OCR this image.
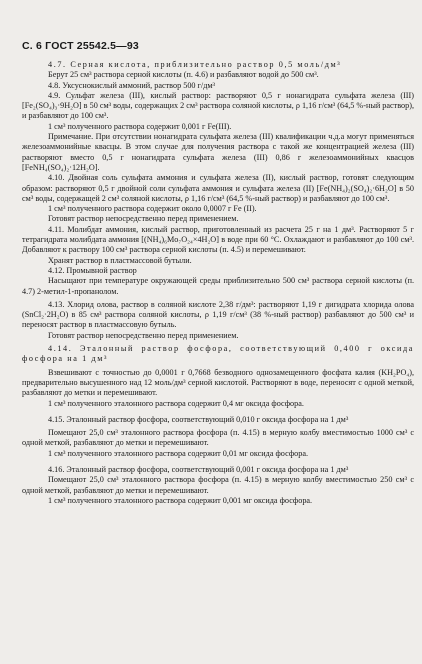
С. 6 ГОСТ 25542.5—93

4.7. Серная кислота, приблизительно раствор 0,5 моль/дм³

Берут 25 см³ раствора серной кислоты (п. 4.6) и разбавляют водой до 500 см³.

4.8. Уксуснокислый аммоний, раствор 500 г/дм³

4.9. Сульфат железа (III), кислый раствор: растворяют 0,5 г нонагидрата сульфата железа (III) [Fe₂(SO₄)₃·9H₂O] в 50 см³ воды, содержащих 2 см³ раствора соляной кислоты, ρ 1,16 г/см³ (64,5 %-ный раствор), и разбавляют до 100 см³.

1 см³ полученного раствора содержит 0,001 г Fe(III).

Примечание. При отсутствии нонагидрата сульфата железа (III) квалификации ч.д.а могут применяться железоаммонийные квасцы. В этом случае для получения раствора с такой же концентрацией железа (III) растворяют вместо 0,5 г нонагидрата сульфата железа (III) 0,86 г железоаммонийных квасцов [FeNH₄(SO₄)₂·12H₂O].

4.10. Двойная соль сульфата аммония и сульфата железа (II), кислый раствор, готовят следующим образом: растворяют 0,5 г двойной соли сульфата аммония и сульфата железа (II) [Fe(NH₄)₂(SO₄)₂·6H₂O] в 50 см³ воды, содержащей 2 см³ соляной кислоты, ρ 1,16 г/см³ (64,5 %-ный раствор) и разбавляют до 100 см³.

1 см³ полученного раствора содержит около 0,0007 г Fe (II).

Готовят раствор непосредственно перед применением.

4.11. Молибдат аммония, кислый раствор, приготовленный из расчета 25 г на 1 дм³. Растворяют 5 г тетрагидрата молибдата аммония [(NH₄)₆Mo₇O₂₄×4H₂O] в воде при 60 °С. Охлаждают и разбавляют до 100 см³. Добавляют к раствору 100 см³ раствора серной кислоты (п. 4.5) и перемешивают.

Хранят раствор в пластмассовой бутыли.

4.12. Промывной раствор

Насыщают при температуре окружающей среды приблизительно 500 см³ раствора серной кислоты (п. 4.7) 2-метил-1-пропанолом.

4.13. Хлорид олова, раствор в соляной кислоте 2,38 г/дм³: растворяют 1,19 г дигидрата хлорида олова (SnCl₂·2H₂O) в 85 см³ раствора соляной кислоты, ρ 1,19 г/см³ (38 %-ный раствор) разбавляют до 500 см³ и переносят раствор в пластмассовую бутыль.

Готовят раствор непосредственно перед применением.

4.14. Эталонный раствор фосфора, соответствующий 0,400 г оксида фосфора на 1 дм³

Взвешивают с точностью до 0,0001 г 0,7668 безводного однозамещенного фосфата калия (KH₂PO₄), предварительно высушенного над 12 моль/дм³ серной кислотой. Растворяют в воде, переносят с одной меткой, разбавляют до метки и перемешивают.

1 см³ полученного эталонного раствора содержит 0,4 мг оксида фосфора.

4.15. Эталонный раствор фосфора, соответствующий 0,010 г оксида фосфора на 1 дм³

Помещают 25,0 см³ эталонного раствора фосфора (п. 4.15) в мерную колбу вместимостью 1000 см³ с одной меткой, разбавляют до метки и перемешивают.

1 см³ полученного эталонного раствора содержит 0,01 мг оксида фосфора.

4.16. Эталонный раствор фосфора, соответствующий 0,001 г оксида фосфора на 1 дм³

Помещают 25,0 см³ эталонного раствора фосфора (п. 4.15) в мерную колбу вместимостью 250 см³ с одной меткой, разбавляют до метки и перемешивают.

1 см³ полученного эталонного раствора содержит 0,001 мг оксида фосфора.
